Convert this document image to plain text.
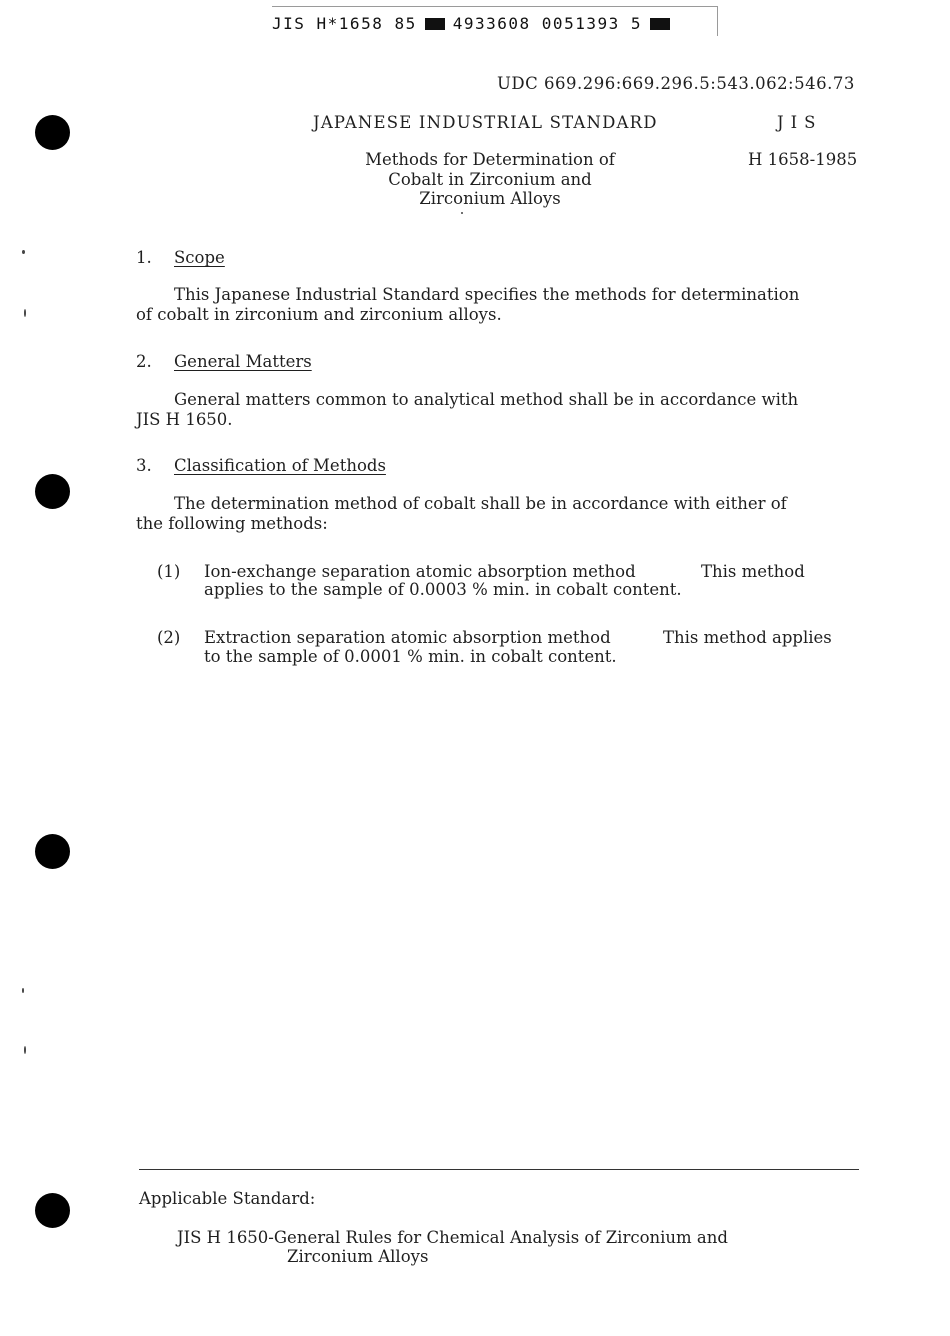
JIS H*1658 85 4933608 0051393 5
UDC 669.296:669.296.5:543.062:546.73
JAPANESE INDUSTRIAL STANDARD	JIS
Methods for Determination of
Cobalt in Zirconium and
Zirconium Alloys
H 1658-1985
1. Scope
This Japanese Industrial Standard specifies the methods for determination
of cobalt in zirconium and zirconium alloys.
2. General Matters
General matters common to analytical method shall be in accordance with
JIS H 1650.
3. Classification of Methods
The determination method of cobalt shall be in accordance with either of
the following methods:
(1) Ion-exchange separation atomic absorption method	This method
applies to the sample of 0.0003 % min. in cobalt content.
(2) Extraction separation atomic absorption method	This method applies
to the sample of 0.0001 % min. in cobalt content.
Applicable Standard:
JIS H 1650-General Rules for Chemical Analysis of Zirconium and
Zirconium Alloys
